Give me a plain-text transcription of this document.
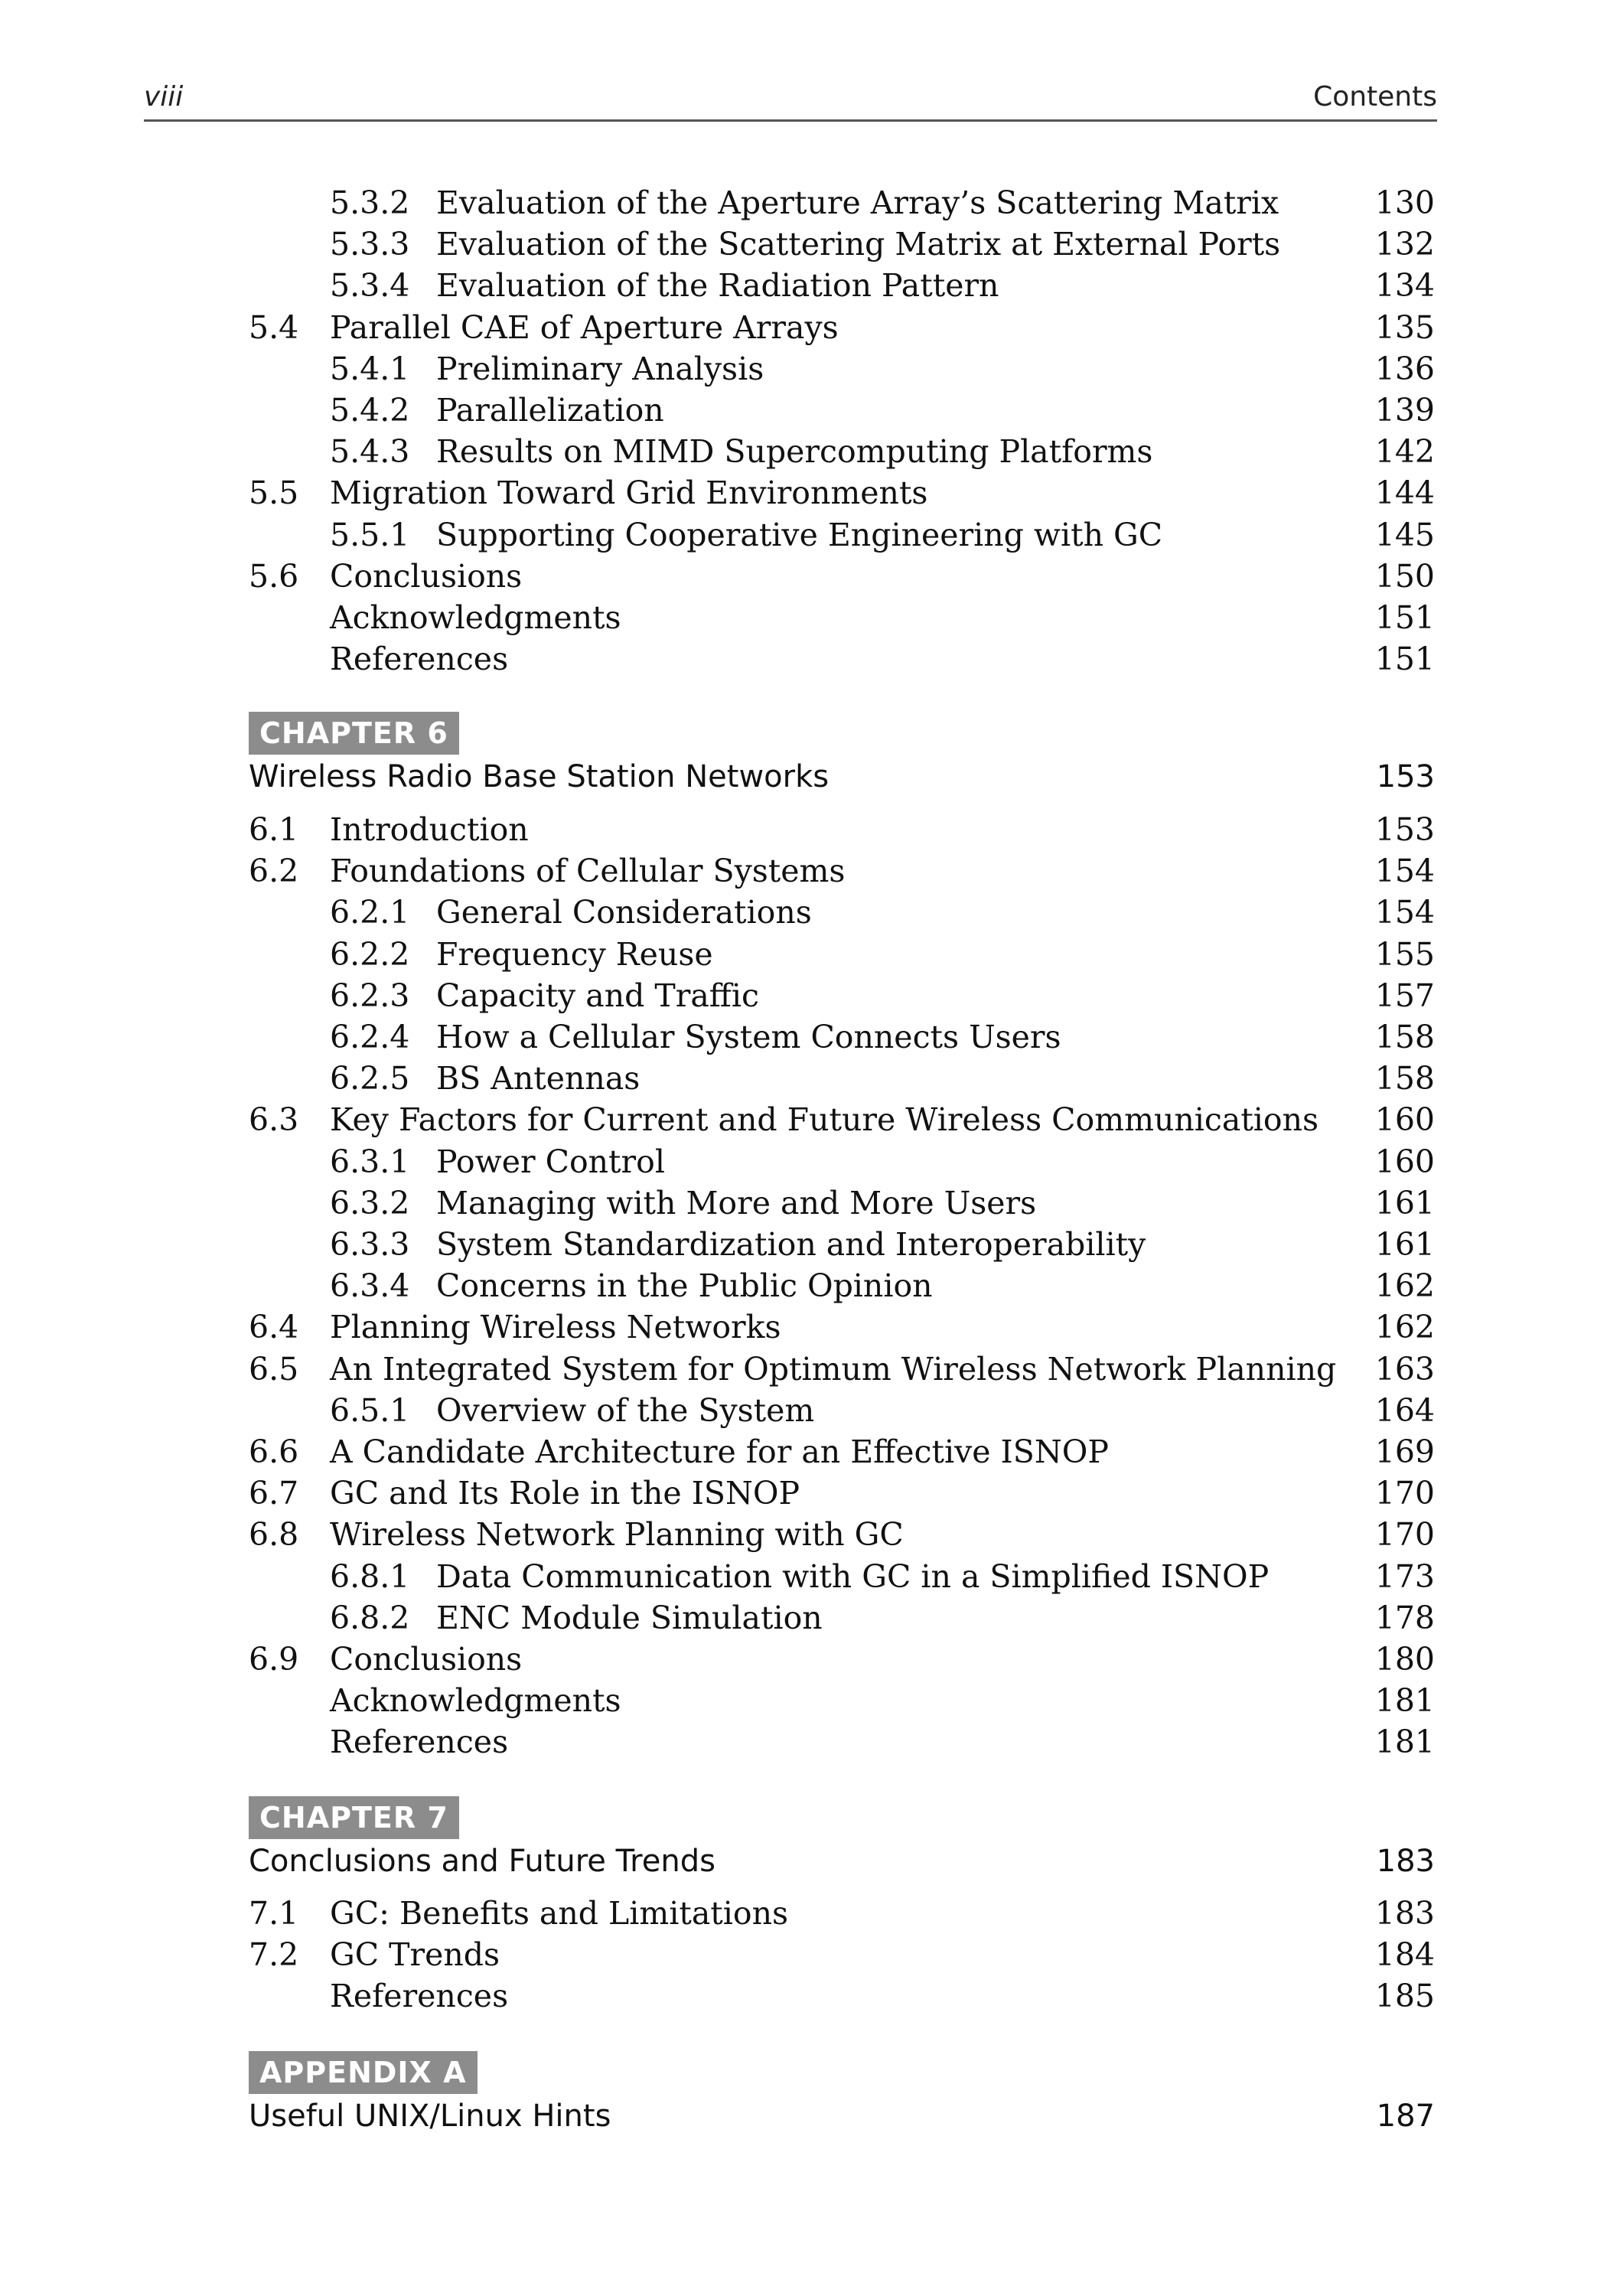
viii	Contents
5.3.2 Evaluation of the Aperture Array’s Scattering Matrix	130
5.3.3 Evaluation of the Scattering Matrix at External Ports	132
5.3.4 Evaluation of the Radiation Pattern	134
5.4 Parallel CAE of Aperture Arrays	135
5.4.1 Preliminary Analysis	136
5.4.2 Parallelization	139
5.4.3 Results on MIMD Supercomputing Platforms	142
5.5 Migration Toward Grid Environments	144
5.5.1 Supporting Cooperative Engineering with GC	145
5.6 Conclusions	150
Acknowledgments	151
References	151
CHAPTER 6
Wireless Radio Base Station Networks	153
6.1 Introduction	153
6.2 Foundations of Cellular Systems	154
6.2.1 General Considerations	154
6.2.2 Frequency Reuse	155
6.2.3 Capacity and Traffic	157
6.2.4 How a Cellular System Connects Users	158
6.2.5 BS Antennas	158
6.3 Key Factors for Current and Future Wireless Communications 160
6.3.1 Power Control	160
6.3.2 Managing with More and More Users	161
6.3.3 System Standardization and Interoperability	161
6.3.4 Concerns in the Public Opinion	162
6.4 Planning Wireless Networks	162
6.5 An Integrated System for Optimum Wireless Network Planning 163
6.5.1 Overview of the System	164
6.6 A Candidate Architecture for an Effective ISNOP	169
6.7 GC and Its Role in the ISNOP	170
6.8 Wireless Network Planning with GC	170
6.8.1 Data Communication with GC in a Simplified ISNOP	173
6.8.2 ENC Module Simulation	178
6.9 Conclusions	180
Acknowledgments	181
References	181
CHAPTER 7
Conclusions and Future Trends	183
7.1 GC: Benefits and Limitations	183
7.2 GC Trends	184
References	185
APPENDIX A
Useful UNIX/Linux Hints	187
